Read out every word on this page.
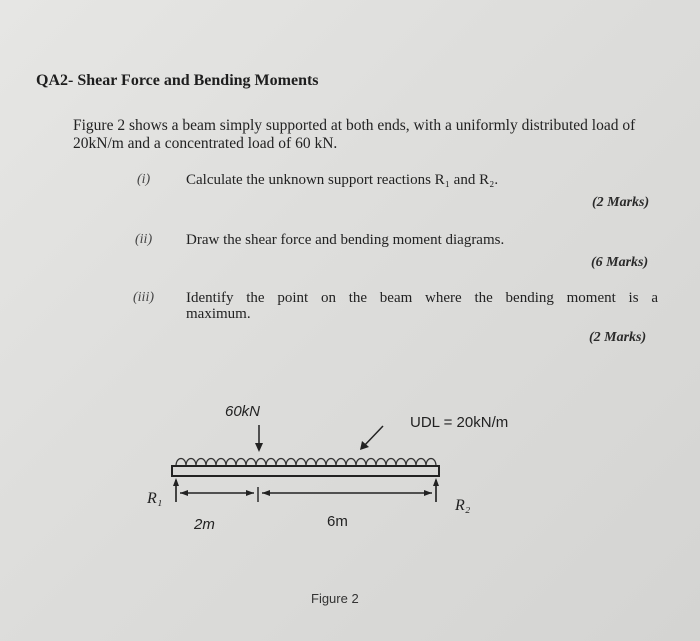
QA2- Shear Force and Bending Moments
Figure 2 shows a beam simply supported at both ends, with a uniformly distributed load of 20kN/m and a concentrated load of 60 kN.
(i) Calculate the unknown support reactions R₁ and R₂.
(2 Marks)
(ii) Draw the shear force and bending moment diagrams.
(6 Marks)
(iii) Identify the point on the beam where the bending moment is a
maximum.
(2 Marks)
60kN
UDL = 20kN/m
R₁	R₂
2m	6m
Figure 2
